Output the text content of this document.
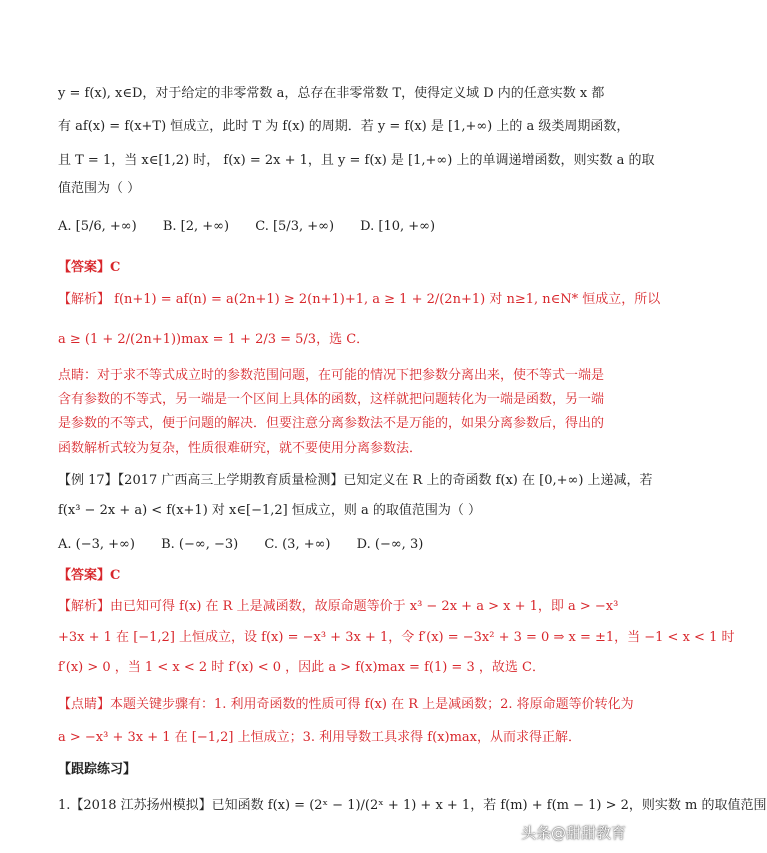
y = f(x), x∈D，对于给定的非零常数 a，总存在非零常数 T，使得定义域 D 内的任意实数 x 都
有 af(x) = f(x+T) 恒成立，此时 T 为 f(x) 的周期．若 y = f(x) 是 [1,+∞) 上的 a 级类周期函数，
且 T = 1，当 x∈[1,2) 时， f(x) = 2x + 1，且 y = f(x) 是 [1,+∞) 上的单调递增函数，则实数 a 的取
值范围为（ ）
A. [5/6, +∞) B. [2, +∞) C. [5/3, +∞) D. [10, +∞)
【答案】C
【解析】 f(n+1) = af(n) = a(2n+1) ≥ 2(n+1)+1, a ≥ 1 + 2/(2n+1) 对 n≥1, n∈N* 恒成立，所以
a ≥ (1 + 2/(2n+1))max = 1 + 2/3 = 5/3，选 C．
点睛：对于求不等式成立时的参数范围问题，在可能的情况下把参数分离出来，使不等式一端是
含有参数的不等式，另一端是一个区间上具体的函数，这样就把问题转化为一端是函数，另一端
是参数的不等式，便于问题的解决．但要注意分离参数法不是万能的，如果分离参数后，得出的
函数解析式较为复杂，性质很难研究，就不要使用分离参数法．
【例 17】【2017 广西高三上学期教育质量检测】已知定义在 R 上的奇函数 f(x) 在 [0,+∞) 上递减，若
f(x³ − 2x + a) < f(x+1) 对 x∈[−1,2] 恒成立，则 a 的取值范围为（ ）
A. (−3, +∞) B. (−∞, −3) C. (3, +∞) D. (−∞, 3)
【答案】C
【解析】由已知可得 f(x) 在 R 上是减函数，故原命题等价于 x³ − 2x + a > x + 1，即 a > −x³
+3x + 1 在 [−1,2] 上恒成立，设 f(x) = −x³ + 3x + 1，令 f′(x) = −3x² + 3 = 0 ⇒ x = ±1，当 −1 < x < 1 时
f′(x) > 0 ，当 1 < x < 2 时 f′(x) < 0 ，因此 a > f(x)max = f(1) = 3 ，故选 C．
【点睛】本题关键步骤有：1. 利用奇函数的性质可得 f(x) 在 R 上是减函数；2. 将原命题等价转化为
a > −x³ + 3x + 1 在 [−1,2] 上恒成立；3. 利用导数工具求得 f(x)max，从而求得正解．
【跟踪练习】
1.【2018 江苏扬州模拟】已知函数 f(x) = (2ˣ − 1)/(2ˣ + 1) + x + 1，若 f(m) + f(m − 1) > 2，则实数 m 的取值范围
头条@甜甜教育
